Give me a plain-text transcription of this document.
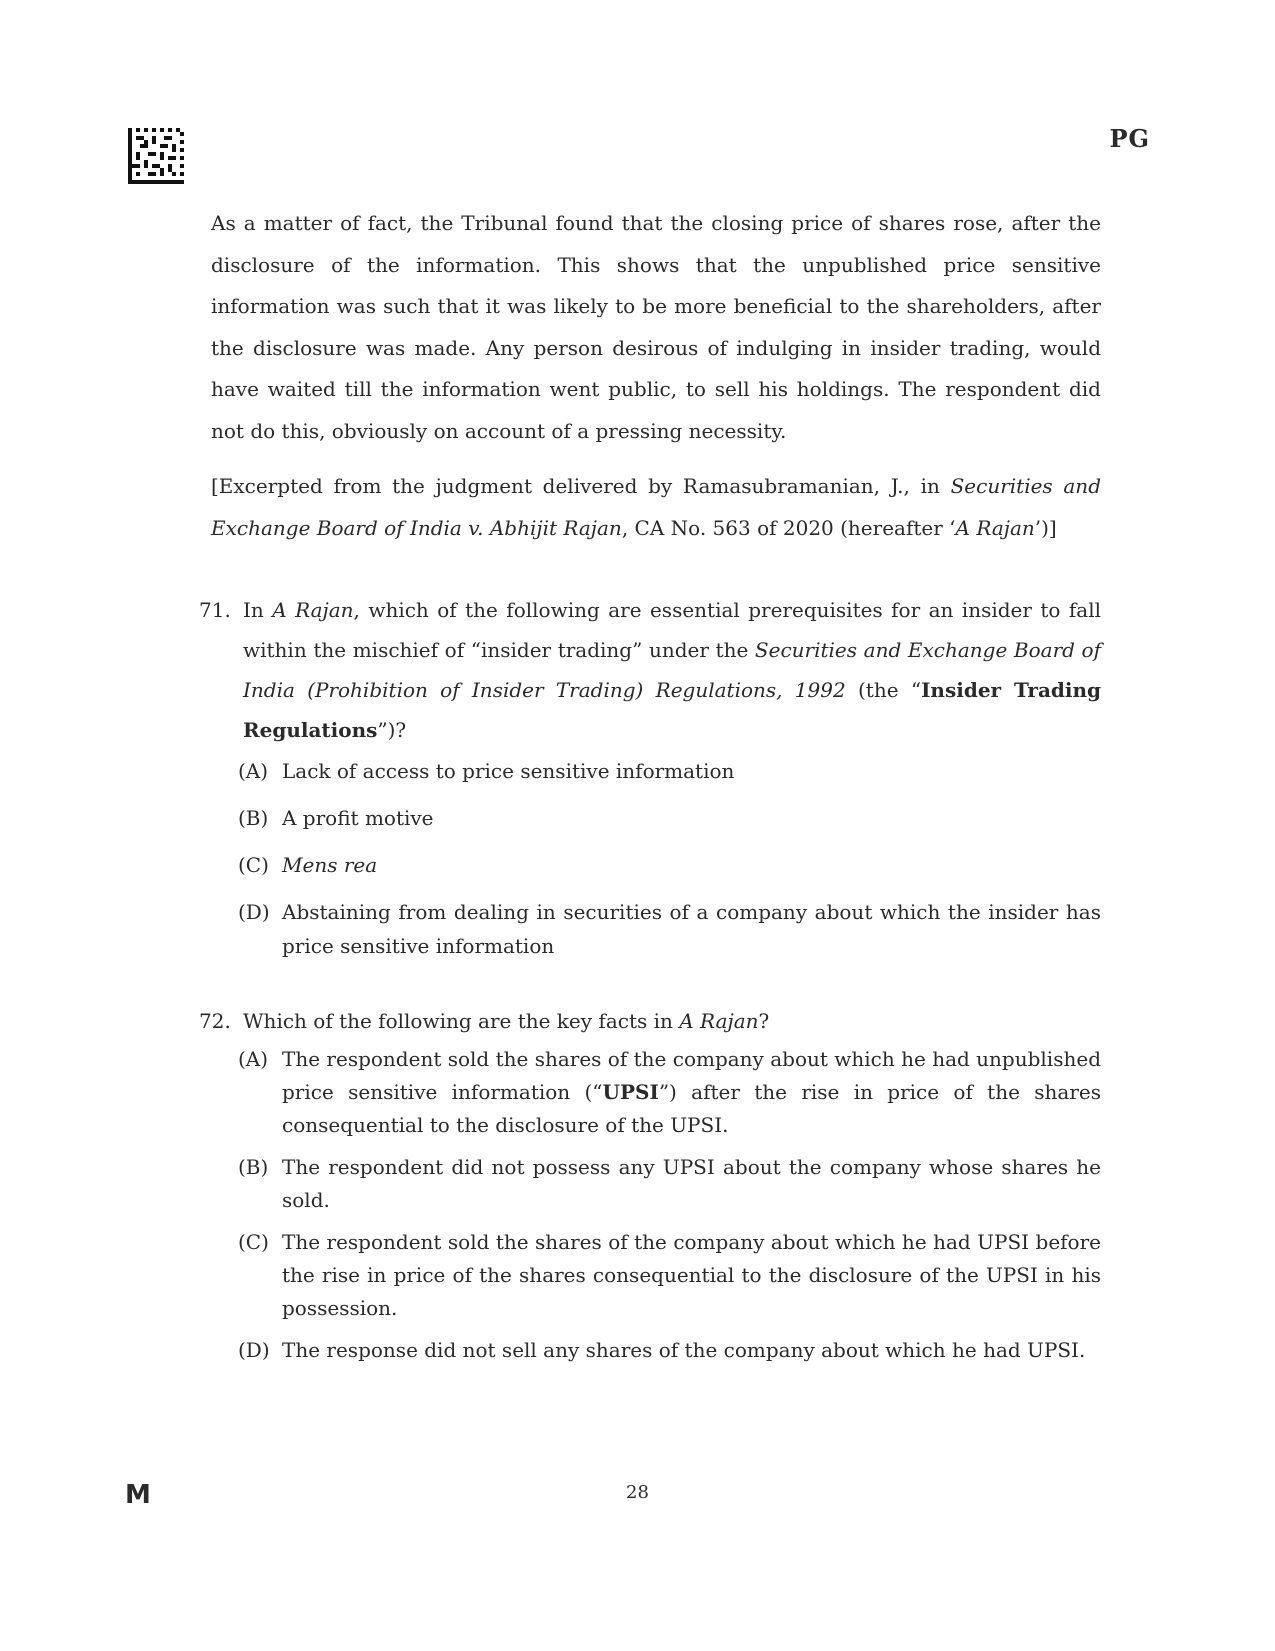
PG

As a matter of fact, the Tribunal found that the closing price of shares rose, after the disclosure of the information. This shows that the unpublished price sensitive information was such that it was likely to be more beneficial to the shareholders, after the disclosure was made. Any person desirous of indulging in insider trading, would have waited till the information went public, to sell his holdings. The respondent did not do this, obviously on account of a pressing necessity.

[Excerpted from the judgment delivered by Ramasubramanian, J., in Securities and Exchange Board of India v. Abhijit Rajan, CA No. 563 of 2020 (hereafter ‘A Rajan’)]

71. In A Rajan, which of the following are essential prerequisites for an insider to fall within the mischief of “insider trading” under the Securities and Exchange Board of India (Prohibition of Insider Trading) Regulations, 1992 (the “Insider Trading Regulations”)?
(A) Lack of access to price sensitive information
(B) A profit motive
(C) Mens rea
(D) Abstaining from dealing in securities of a company about which the insider has price sensitive information
72. Which of the following are the key facts in A Rajan?
(A) The respondent sold the shares of the company about which he had unpublished price sensitive information (“UPSI”) after the rise in price of the shares consequential to the disclosure of the UPSI.
(B) The respondent did not possess any UPSI about the company whose shares he sold.
(C) The respondent sold the shares of the company about which he had UPSI before the rise in price of the shares consequential to the disclosure of the UPSI in his possession.
(D) The response did not sell any shares of the company about which he had UPSI.
M	28
